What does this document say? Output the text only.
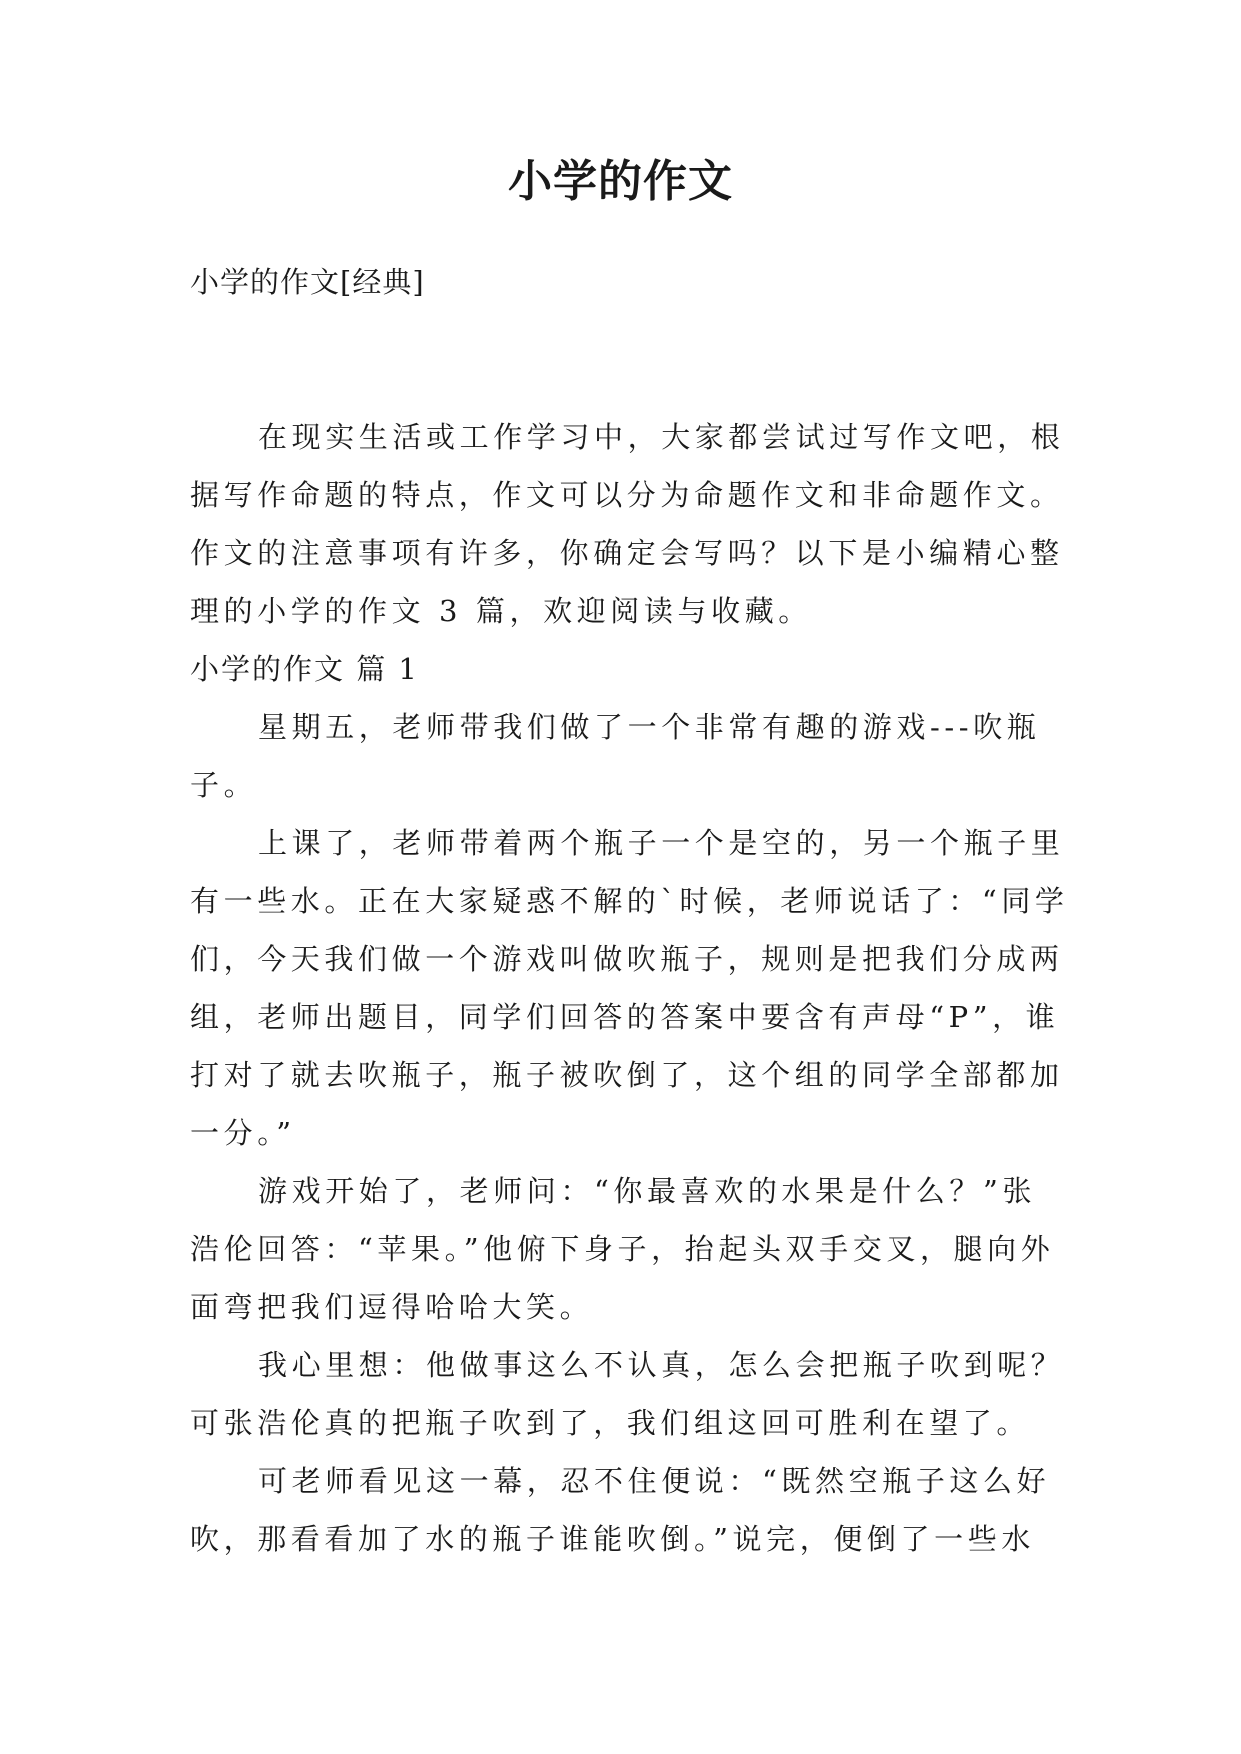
小学的作文
小学的作文[经典]
在现实生活或工作学习中，大家都尝试过写作文吧，根
据写作命题的特点，作文可以分为命题作文和非命题作文。
作文的注意事项有许多，你确定会写吗？以下是小编精心整
理的小学的作文 3 篇，欢迎阅读与收藏。
小学的作文 篇 1
星期五，老师带我们做了一个非常有趣的游戏---吹瓶
子。
上课了，老师带着两个瓶子一个是空的，另一个瓶子里
有一些水。正在大家疑惑不解的`时候，老师说话了：“同学
们，今天我们做一个游戏叫做吹瓶子，规则是把我们分成两
组，老师出题目，同学们回答的答案中要含有声母“P”，谁
打对了就去吹瓶子，瓶子被吹倒了，这个组的同学全部都加
一分。”
游戏开始了，老师问：“你最喜欢的水果是什么？”张
浩伦回答：“苹果。”他俯下身子，抬起头双手交叉，腿向外
面弯把我们逗得哈哈大笑。
我心里想：他做事这么不认真，怎么会把瓶子吹到呢？
可张浩伦真的把瓶子吹到了，我们组这回可胜利在望了。
可老师看见这一幕，忍不住便说：“既然空瓶子这么好
吹，那看看加了水的瓶子谁能吹倒。”说完，便倒了一些水
